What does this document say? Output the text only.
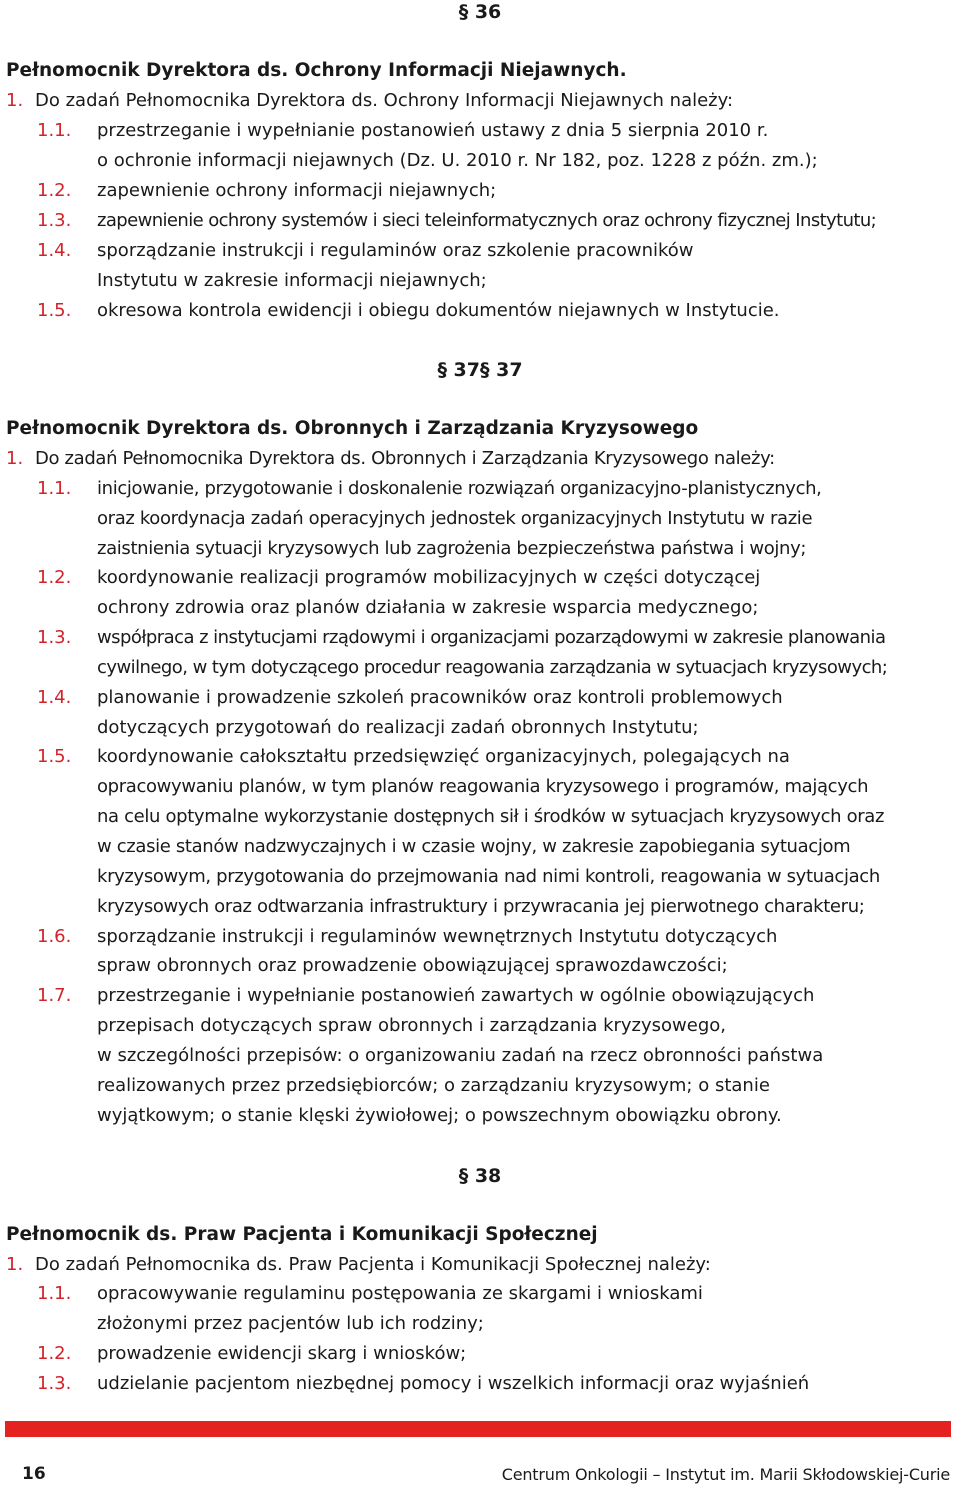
§ 36
Pełnomocnik Dyrektora ds. Ochrony Informacji Niejawnych.
1. Do zadań Pełnomocnika Dyrektora ds. Ochrony Informacji Niejawnych należy:
1.1. przestrzeganie i wypełnianie postanowień ustawy z dnia 5 sierpnia 2010 r.
o ochronie informacji niejawnych (Dz. U. 2010 r. Nr 182, poz. 1228 z późn. zm.);
1.2. zapewnienie ochrony informacji niejawnych;
1.3. zapewnienie ochrony systemów i sieci teleinformatycznych oraz ochrony fizycznej Instytutu;
1.4. sporządzanie instrukcji i regulaminów oraz szkolenie pracowników
Instytutu w zakresie informacji niejawnych;
1.5. okresowa kontrola ewidencji i obiegu dokumentów niejawnych w Instytucie.
§ 37§ 37
Pełnomocnik Dyrektora ds. Obronnych i Zarządzania Kryzysowego
1. Do zadań Pełnomocnika Dyrektora ds. Obronnych i Zarządzania Kryzysowego należy:
1.1. inicjowanie, przygotowanie i doskonalenie rozwiązań organizacyjno-planistycznych,
oraz koordynacja zadań operacyjnych jednostek organizacyjnych Instytutu w razie
zaistnienia sytuacji kryzysowych lub zagrożenia bezpieczeństwa państwa i wojny;
1.2. koordynowanie realizacji programów mobilizacyjnych w części dotyczącej
ochrony zdrowia oraz planów działania w zakresie wsparcia medycznego;
1.3. współpraca z instytucjami rządowymi i organizacjami pozarządowymi w zakresie planowania
cywilnego, w tym dotyczącego procedur reagowania zarządzania w sytuacjach kryzysowych;
1.4. planowanie i prowadzenie szkoleń pracowników oraz kontroli problemowych
dotyczących przygotowań do realizacji zadań obronnych Instytutu;
1.5. koordynowanie całokształtu przedsięwzięć organizacyjnych, polegających na
opracowywaniu planów, w tym planów reagowania kryzysowego i programów, mających
na celu optymalne wykorzystanie dostępnych sił i środków w sytuacjach kryzysowych oraz
w czasie stanów nadzwyczajnych i w czasie wojny, w zakresie zapobiegania sytuacjom
kryzysowym, przygotowania do przejmowania nad nimi kontroli, reagowania w sytuacjach
kryzysowych oraz odtwarzania infrastruktury i przywracania jej pierwotnego charakteru;
1.6. sporządzanie instrukcji i regulaminów wewnętrznych Instytutu dotyczących
spraw obronnych oraz prowadzenie obowiązującej sprawozdawczości;
1.7. przestrzeganie i wypełnianie postanowień zawartych w ogólnie obowiązujących
przepisach dotyczących spraw obronnych i zarządzania kryzysowego,
w szczególności przepisów: o organizowaniu zadań na rzecz obronności państwa
realizowanych przez przedsiębiorców; o zarządzaniu kryzysowym; o stanie
wyjątkowym; o stanie klęski żywiołowej; o powszechnym obowiązku obrony.
§ 38
Pełnomocnik ds. Praw Pacjenta i Komunikacji Społecznej
1. Do zadań Pełnomocnika ds. Praw Pacjenta i Komunikacji Społecznej należy:
1.1. opracowywanie regulaminu postępowania ze skargami i wnioskami
złożonymi przez pacjentów lub ich rodziny;
1.2. prowadzenie ewidencji skarg i wniosków;
1.3. udzielanie pacjentom niezbędnej pomocy i wszelkich informacji oraz wyjaśnień
16	Centrum Onkologii – Instytut im. Marii Skłodowskiej-Curie
